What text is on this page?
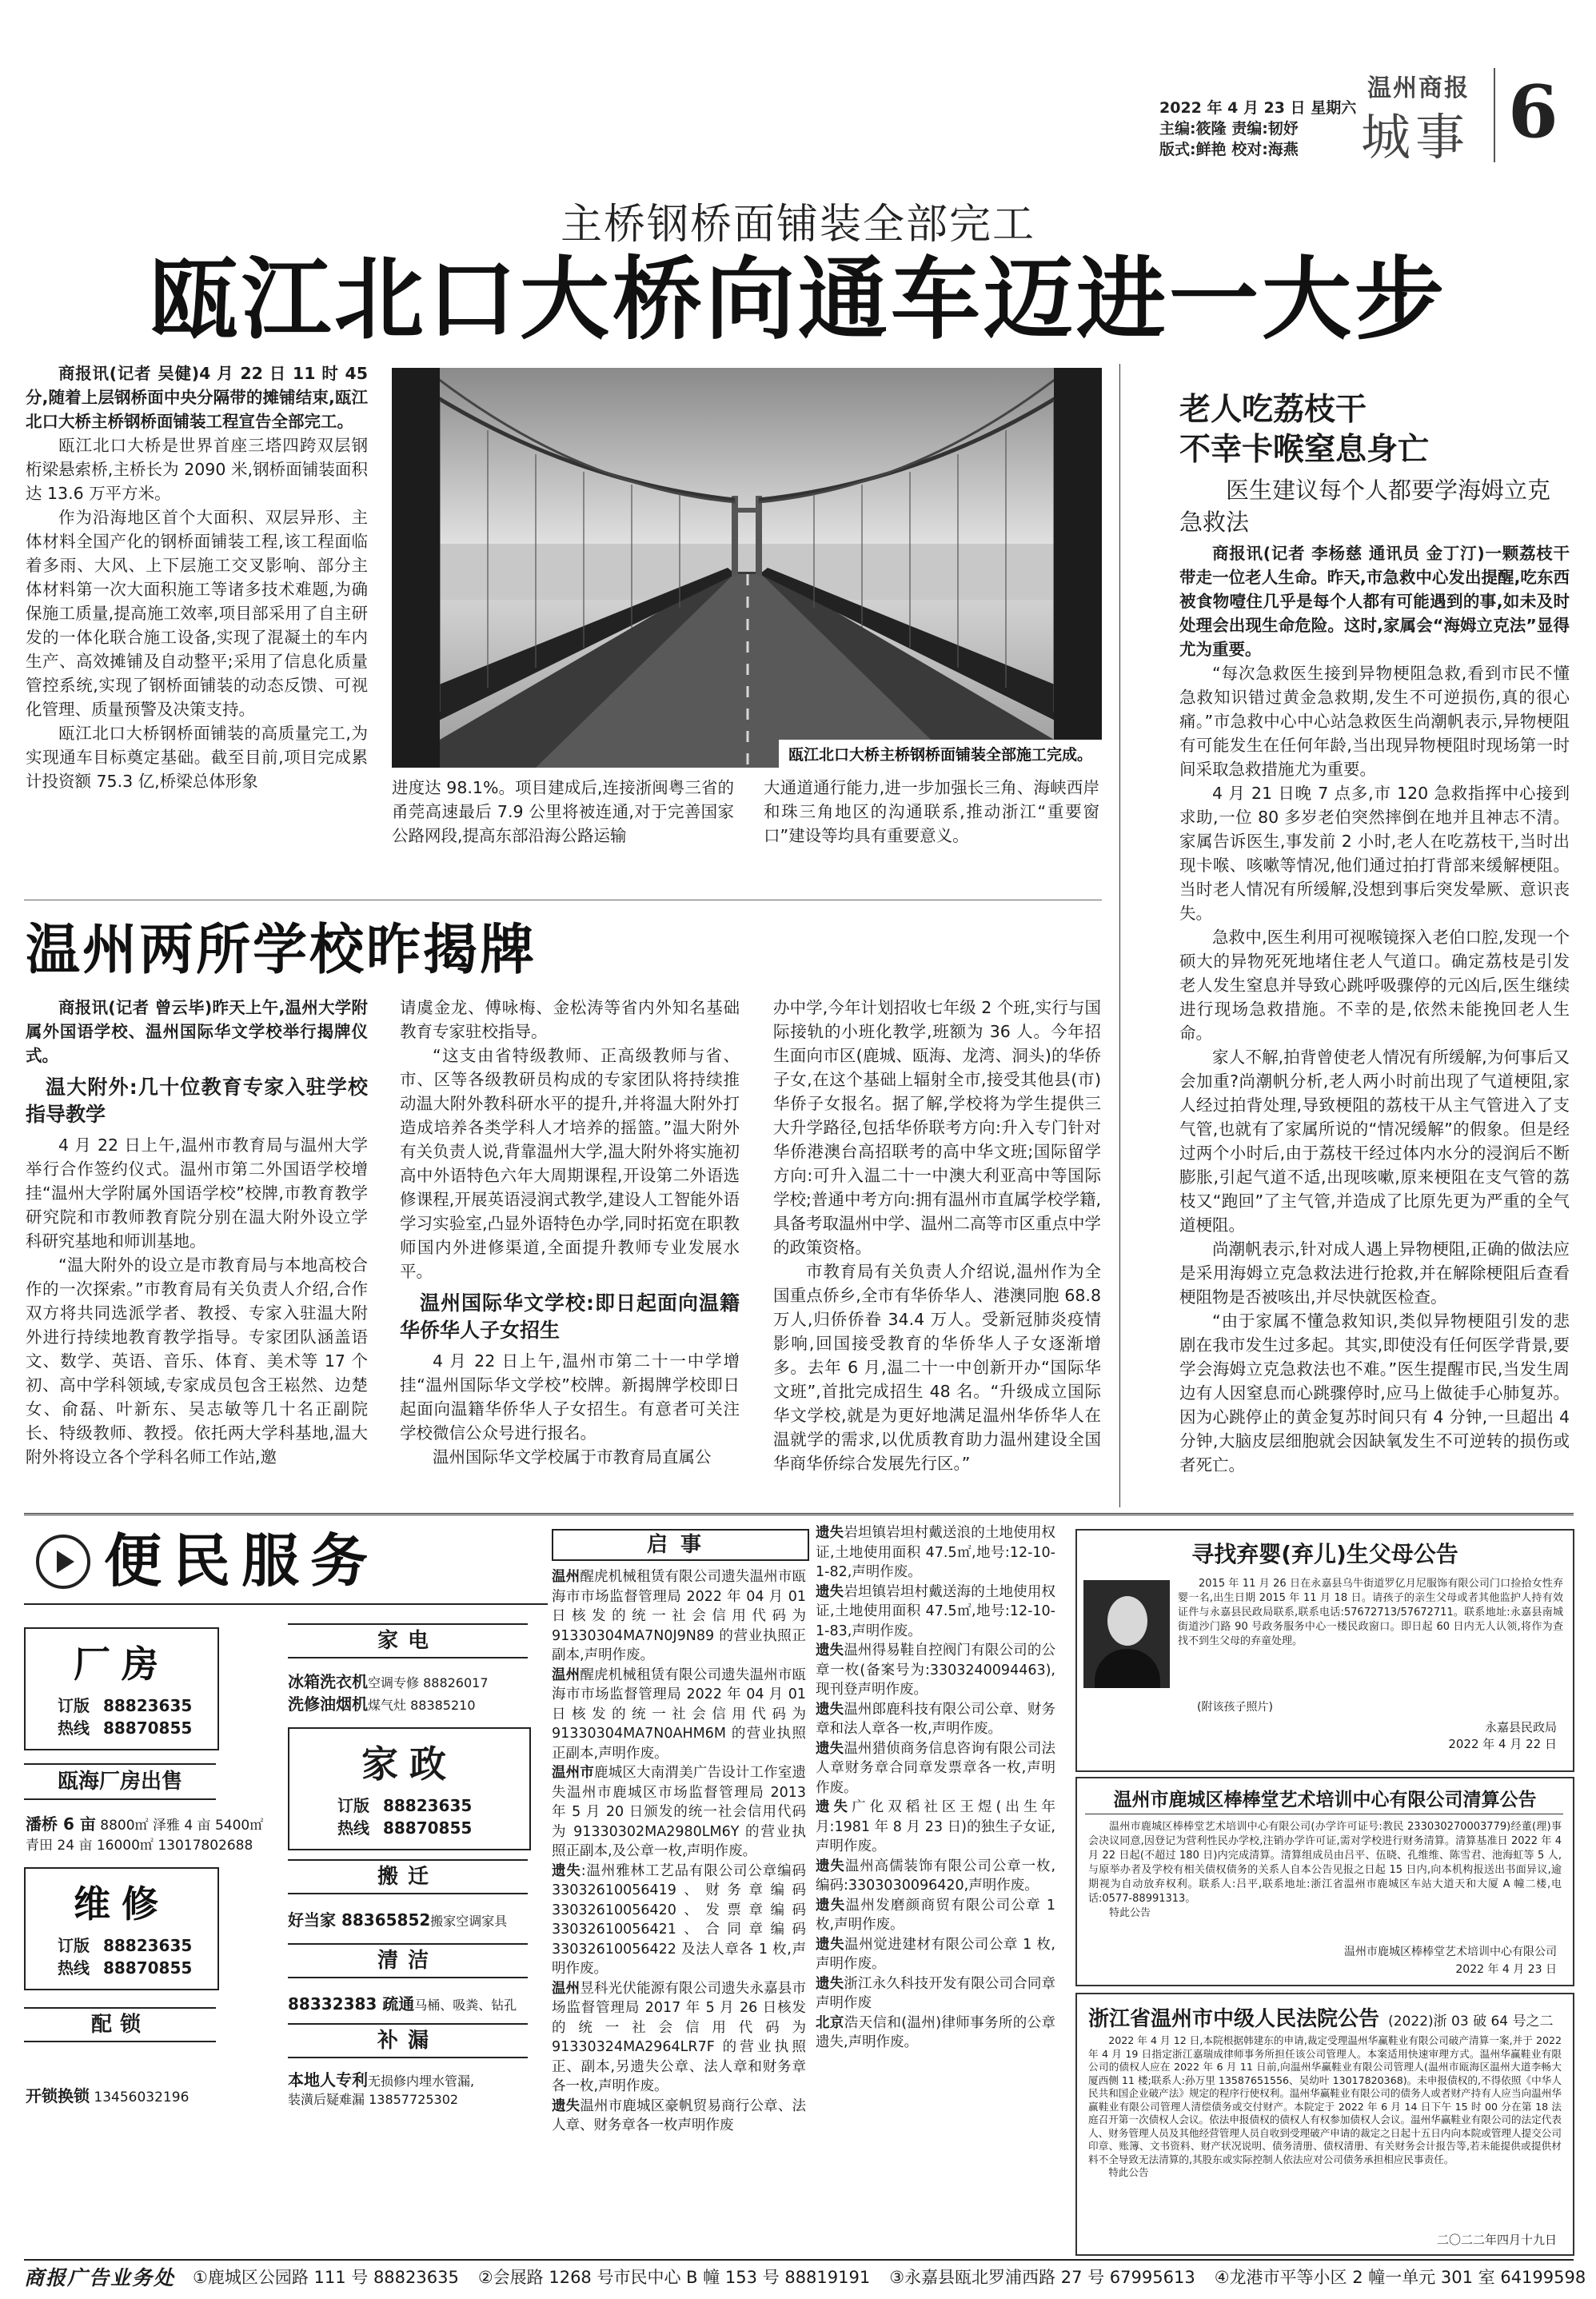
2022 年 4 月 23 日 星期六
主编:筱隆 责编:韧妤
版式:鲜艳 校对:海燕
温州商报
城事 6
主桥钢桥面铺装全部完工
瓯江北口大桥向通车迈进一大步

商报讯(记者 吴健)4 月 22 日 11 时 45 分,随着上层钢桥面中央分隔带的摊铺结束,瓯江北口大桥主桥钢桥面铺装工程宣告全部完工。

瓯江北口大桥是世界首座三塔四跨双层钢桁梁悬索桥,主桥长为 2090 米,钢桥面铺装面积达 13.6 万平方米。

作为沿海地区首个大面积、双层异形、主体材料全国产化的钢桥面铺装工程,该工程面临着多雨、大风、上下层施工交叉影响、部分主体材料第一次大面积施工等诸多技术难题,为确保施工质量,提高施工效率,项目部采用了自主研发的一体化联合施工设备,实现了混凝土的车内生产、高效摊铺及自动整平;采用了信息化质量管控系统,实现了钢桥面铺装的动态反馈、可视化管理、质量预警及决策支持。

瓯江北口大桥钢桥面铺装的高质量完工,为实现通车目标奠定基础。截至目前,项目完成累计投资额 75.3 亿,桥梁总体形象

瓯江北口大桥主桥钢桥面铺装全部施工完成。

进度达 98.1%。项目建成后,连接浙闽粤三省的甬莞高速最后 7.9 公里将被连通,对于完善国家公路网段,提高东部沿海公路运输

大通道通行能力,进一步加强长三角、海峡西岸和珠三角地区的沟通联系,推动浙江“重要窗口”建设等均具有重要意义。

老人吃荔枝干
不幸卡喉窒息身亡
医生建议每个人都要学海姆立克急救法

商报讯(记者 李杨慈 通讯员 金丁汀)一颗荔枝干带走一位老人生命。昨天,市急救中心发出提醒,吃东西被食物噎住几乎是每个人都有可能遇到的事,如未及时处理会出现生命危险。这时,家属会“海姆立克法”显得尤为重要。

“每次急救医生接到异物梗阻急救,看到市民不懂急救知识错过黄金急救期,发生不可逆损伤,真的很心痛。”市急救中心中心站急救医生尚潮帆表示,异物梗阻有可能发生在任何年龄,当出现异物梗阻时现场第一时间采取急救措施尤为重要。

4 月 21 日晚 7 点多,市 120 急救指挥中心接到求助,一位 80 多岁老伯突然摔倒在地并且神志不清。家属告诉医生,事发前 2 小时,老人在吃荔枝干,当时出现卡喉、咳嗽等情况,他们通过拍打背部来缓解梗阻。当时老人情况有所缓解,没想到事后突发晕厥、意识丧失。

急救中,医生利用可视喉镜探入老伯口腔,发现一个硕大的异物死死地堵住老人气道口。确定荔枝是引发老人发生窒息并导致心跳呼吸骤停的元凶后,医生继续进行现场急救措施。不幸的是,依然未能挽回老人生命。

家人不解,拍背曾使老人情况有所缓解,为何事后又会加重?尚潮帆分析,老人两小时前出现了气道梗阻,家人经过拍背处理,导致梗阻的荔枝干从主气管进入了支气管,也就有了家属所说的“情况缓解”的假象。但是经过两个小时后,由于荔枝干经过体内水分的浸润后不断膨胀,引起气道不适,出现咳嗽,原来梗阻在支气管的荔枝又“跑回”了主气管,并造成了比原先更为严重的全气道梗阻。

尚潮帆表示,针对成人遇上异物梗阻,正确的做法应是采用海姆立克急救法进行抢救,并在解除梗阻后查看梗阻物是否被咳出,并尽快就医检查。

“由于家属不懂急救知识,类似异物梗阻引发的悲剧在我市发生过多起。其实,即使没有任何医学背景,要学会海姆立克急救法也不难。”医生提醒市民,当发生周边有人因窒息而心跳骤停时,应马上做徒手心肺复苏。因为心跳停止的黄金复苏时间只有 4 分钟,一旦超出 4 分钟,大脑皮层细胞就会因缺氧发生不可逆转的损伤或者死亡。

温州两所学校昨揭牌

商报讯(记者 曾云毕)昨天上午,温州大学附属外国语学校、温州国际华文学校举行揭牌仪式。

温大附外:几十位教育专家入驻学校指导教学

4 月 22 日上午,温州市教育局与温州大学举行合作签约仪式。温州市第二外国语学校增挂“温州大学附属外国语学校”校牌,市教育教学研究院和市教师教育院分别在温大附外设立学科研究基地和师训基地。

“温大附外的设立是市教育局与本地高校合作的一次探索。”市教育局有关负责人介绍,合作双方将共同选派学者、教授、专家入驻温大附外进行持续地教育教学指导。专家团队涵盖语文、数学、英语、音乐、体育、美术等 17 个初、高中学科领域,专家成员包含王崧然、边楚女、俞磊、叶新东、吴志敏等几十名正副院长、特级教师、教授。依托两大学科基地,温大附外将设立各个学科名师工作站,邀

请虞金龙、傅咏梅、金松涛等省内外知名基础教育专家驻校指导。

“这支由省特级教师、正高级教师与省、市、区等各级教研员构成的专家团队将持续推动温大附外教科研水平的提升,并将温大附外打造成培养各类学科人才培养的摇篮。”温大附外有关负责人说,背靠温州大学,温大附外将实施初高中外语特色六年大周期课程,开设第二外语选修课程,开展英语浸润式教学,建设人工智能外语学习实验室,凸显外语特色办学,同时拓宽在职教师国内外进修渠道,全面提升教师专业发展水平。

温州国际华文学校:即日起面向温籍华侨华人子女招生

4 月 22 日上午,温州市第二十一中学增挂“温州国际华文学校”校牌。新揭牌学校即日起面向温籍华侨华人子女招生。有意者可关注学校微信公众号进行报名。

温州国际华文学校属于市教育局直属公

办中学,今年计划招收七年级 2 个班,实行与国际接轨的小班化教学,班额为 36 人。今年招生面向市区(鹿城、瓯海、龙湾、洞头)的华侨子女,在这个基础上辐射全市,接受其他县(市)华侨子女报名。据了解,学校将为学生提供三大升学路径,包括华侨联考方向:升入专门针对华侨港澳台高招联考的高中华文班;国际留学方向:可升入温二十一中澳大利亚高中等国际学校;普通中考方向:拥有温州市直属学校学籍,具备考取温州中学、温州二高等市区重点中学的政策资格。

市教育局有关负责人介绍说,温州作为全国重点侨乡,全市有华侨华人、港澳同胞 68.8 万人,归侨侨眷 34.4 万人。受新冠肺炎疫情影响,回国接受教育的华侨华人子女逐渐增多。去年 6 月,温二十一中创新开办“国际华文班”,首批完成招生 48 名。“升级成立国际华文学校,就是为更好地满足温州华侨华人在温就学的需求,以优质教育助力温州建设全国华商华侨综合发展先行区。”

便民服务
厂房
订版 88823635
热线 88870855
瓯海厂房出售
潘桥 6 亩 8800㎡ 泽雅 4 亩 5400㎡
青田 24 亩 16000㎡ 13017802688
维修
订版 88823635
热线 88870855
配锁
开锁换锁 13456032196
家电
冰箱洗衣机空调专修 88826017
洗修油烟机煤气灶 88385210
家政
订版 88823635
热线 88870855
搬迁
好当家 88365852搬家空调家具
清洁
88332383 疏通马桶、吸粪、钻孔
补漏
本地人专利无损修内埋水管漏,
装潢后疑难漏 13857725302
启事

温州醒虎机械租赁有限公司遗失温州市瓯海市市场监督管理局 2022 年 04 月 01 日核发的统一社会信用代码为 91330304MA7N0J9N89 的营业执照正副本,声明作废。

温州醒虎机械租赁有限公司遗失温州市瓯海市市场监督管理局 2022 年 04 月 01 日核发的统一社会信用代码为 91330304MA7N0AHM6M 的营业执照正副本,声明作废。

温州市鹿城区大南渭美广告设计工作室遗失温州市鹿城区市场监督管理局 2013 年 5 月 20 日颁发的统一社会信用代码为 91330302MA2980LM6Y 的营业执照正副本,及公章一枚,声明作废。

遗失:温州雅林工艺品有限公司公章编码 33032610056419、财务章编码 33032610056420、发票章编码 33032610056421、合同章编码 33032610056422 及法人章各 1 枚,声明作废。

温州昱科光伏能源有限公司遗失永嘉县市场监督管理局 2017 年 5 月 26 日核发的统一社会信用代码为 91330324MA2964LR7F 的营业执照正、副本,另遗失公章、法人章和财务章各一枚,声明作废。

遗失温州市鹿城区豪帆贸易商行公章、法人章、财务章各一枚声明作废

遗失岩坦镇岩坦村戴送浪的土地使用权证,土地使用面积 47.5㎡,地号:12-10-1-82,声明作废。

遗失岩坦镇岩坦村戴送海的土地使用权证,土地使用面积 47.5㎡,地号:12-10-1-83,声明作废。

遗失温州得易鞋自控阀门有限公司的公章一枚(备案号为:3303240094463),现刊登声明作废。

遗失温州郎鹿科技有限公司公章、财务章和法人章各一枚,声明作废。

遗失温州猎侦商务信息咨询有限公司法人章财务章合同章发票章各一枚,声明作废。

遗失广化双稻社区王煜(出生年月:1981 年 8 月 23 日)的独生子女证,声明作废。

遗失温州高儒装饰有限公司公章一枚,编码:3303030096420,声明作废。

遗失温州发磨颜商贸有限公司公章 1 枚,声明作废。

遗失温州觉进建材有限公司公章 1 枚,声明作废。

遗失浙江永久科技开发有限公司合同章声明作废

北京浩天信和(温州)律师事务所的公章遗失,声明作废。

寻找弃婴(弃儿)生父母公告

2015 年 11 月 26 日在永嘉县乌牛街道罗亿月尼服饰有限公司门口捡拾女性弃婴一名,出生日期 2015 年 11 月 18 日。请孩子的亲生父母或者其他监护人持有效证件与永嘉县民政局联系,联系电话:57672713/57672711。联系地址:永嘉县南城街道沙门路 90 号政务服务中心一楼民政窗口。即日起 60 日内无人认领,将作为查找不到生父母的弃童处理。

(附该孩子照片)
永嘉县民政局
2022 年 4 月 22 日
温州市鹿城区棒棒堂艺术培训中心有限公司清算公告

温州市鹿城区棒棒堂艺术培训中心有限公司(办学许可证号:教民 233030270003779)经董(理)事会决议同意,因登记为营利性民办学校,注销办学许可证,需对学校进行财务清算。清算基准日 2022 年 4 月 22 日起(不超过 180 日)内完成清算。清算组成员由吕平、伍晓、孔维维、陈雪君、池海虹等 5 人,与原举办者及学校有相关债权债务的关系人自本公告见报之日起 15 日内,向本机构报送出书面异议,逾期视为自动放弃权利。联系人:吕平,联系地址:浙江省温州市鹿城区车站大道天和大厦 A 幢二楼,电话:0577-88991313。

特此公告

温州市鹿城区棒棒堂艺术培训中心有限公司
2022 年 4 月 23 日
浙江省温州市中级人民法院公告 (2022)浙 03 破 64 号之二

2022 年 4 月 12 日,本院根据韩建东的申请,裁定受理温州华赢鞋业有限公司破产清算一案,并于 2022 年 4 月 19 日指定浙江嘉瑞成律师事务所担任该公司管理人。本案适用快速审理方式。温州华赢鞋业有限公司的债权人应在 2022 年 6 月 11 日前,向温州华赢鞋业有限公司管理人(温州市瓯海区温州大道李畅大厦西侧 11 楼;联系人:孙万里 13587651556、吴幼叶 13017820368)。未申报债权的,不得依照《中华人民共和国企业破产法》规定的程序行使权利。温州华赢鞋业有限公司的债务人或者财产持有人应当向温州华赢鞋业有限公司管理人清偿债务或交付财产。本院定于 2022 年 6 月 14 日下午 15 时 00 分在第 18 法庭召开第一次债权人会议。依法申报债权的债权人有权参加债权人会议。温州华赢鞋业有限公司的法定代表人、财务管理人员及其他经营管理人员自收到受理破产申请的裁定之日起十五日内向本院或管理人提交公司印章、账簿、文书资料、财产状况说明、债务清册、债权清册、有关财务会计报告等,若未能提供或提供材料不全导致无法清算的,其股东或实际控制人依法应对公司债务承担相应民事责任。

特此公告

二〇二二年四月十九日
商报广告业务处 ①鹿城区公园路 111 号 88823635 ②会展路 1268 号市民中心 B 幢 153 号 88819191 ③永嘉县瓯北罗浦西路 27 号 67995613 ④龙港市平等小区 2 幢一单元 301 室 64199598
